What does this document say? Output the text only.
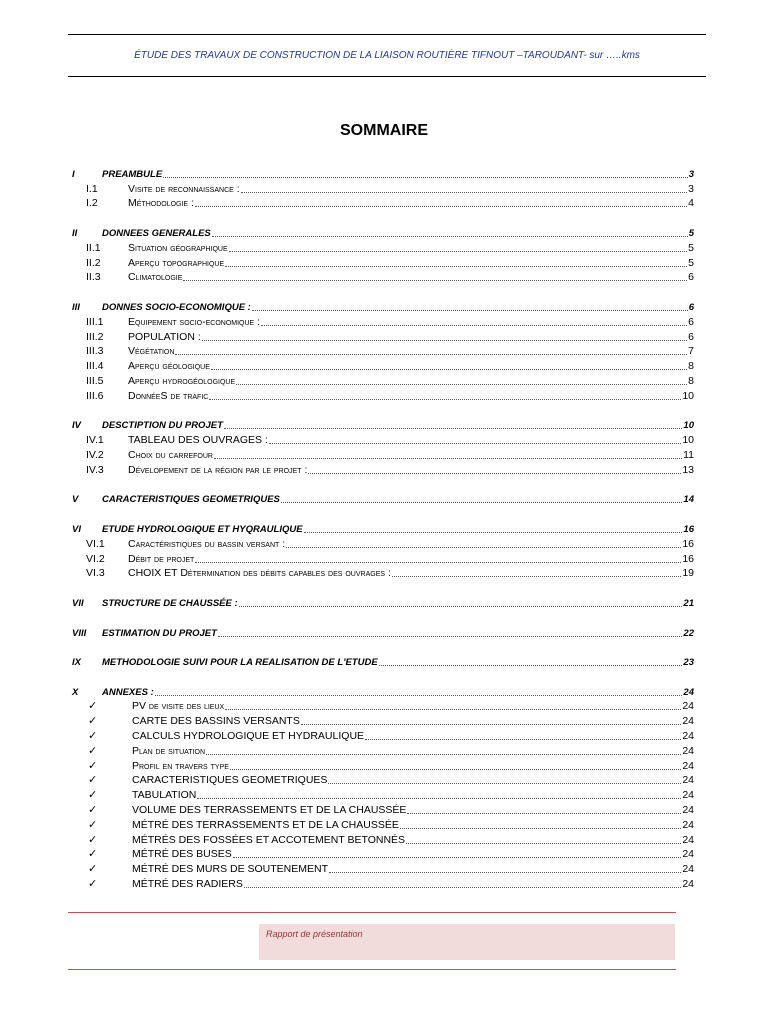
ÉTUDE DES TRAVAUX DE CONSTRUCTION DE LA LIAISON ROUTIÈRE TIFNOUT –TAROUDANT- sur …..kms
SOMMAIRE
I	PREAMBULE	3
I.1	Visite de reconnaissance :	3
I.2	Méthodologie :	4
II	DONNEES GENERALES	5
II.1	Situation géographique	5
II.2	Aperçu topographique	5
II.3	Climatologie	6
III DONNES SOCIO-ECONOMIQUE :	6
III.1 Equipement socio-economique :	6
III.2 POPULATION :	6
III.3 Végétation	7
III.4 Aperçu géologique	8
III.5 Aperçu hydrogéologique	8
III.6 DonnéeS de trafic	10
IV DESCTIPTION DU PROJET	10
IV.1 TABLEAU DES OUVRAGES :	10
IV.2 Choix du carrefour	11
IV.3 Dévelopement de la région par le projet :	13
V CARACTERISTIQUES GEOMETRIQUES	14
VI ETUDE HYDROLOGIQUE ET HYQRAULIQUE	16
VI.1 Caractéristiques du bassin versant :	16
VI.2 Débit de projet	16
VI.3 CHOIX ET Détermination des débits capables des ouvrages :	19
VII STRUCTURE DE CHAUSSÉE :	21
VIII ESTIMATION DU PROJET	22
IX METHODOLOGIE SUIVI POUR LA REALISATION DE L'ETUDE	23
X ANNEXES :	24
✓	PV de visite des lieux	24
✓	CARTE DES BASSINS VERSANTS	24
✓	CALCULS HYDROLOGIQUE ET HYDRAULIQUE	24
✓	Plan de situation	24
✓	Profil en travers type	24
✓	CARACTERISTIQUES GEOMETRIQUES	24
✓	TABULATION	24
✓	VOLUME DES TERRASSEMENTS ET DE LA CHAUSSÉE	24
✓	MÉTRÉ DES TERRASSEMENTS ET DE LA CHAUSSÉE	24
✓	MÉTRÉS DES FOSSÉES ET ACCOTEMENT BETONNÉS	24
✓	MÉTRÉ DES BUSES	24
✓	MÉTRÉ DES MURS DE SOUTENEMENT	24
✓	MÉTRÉ DES RADIERS	24
Rapport de présentation
